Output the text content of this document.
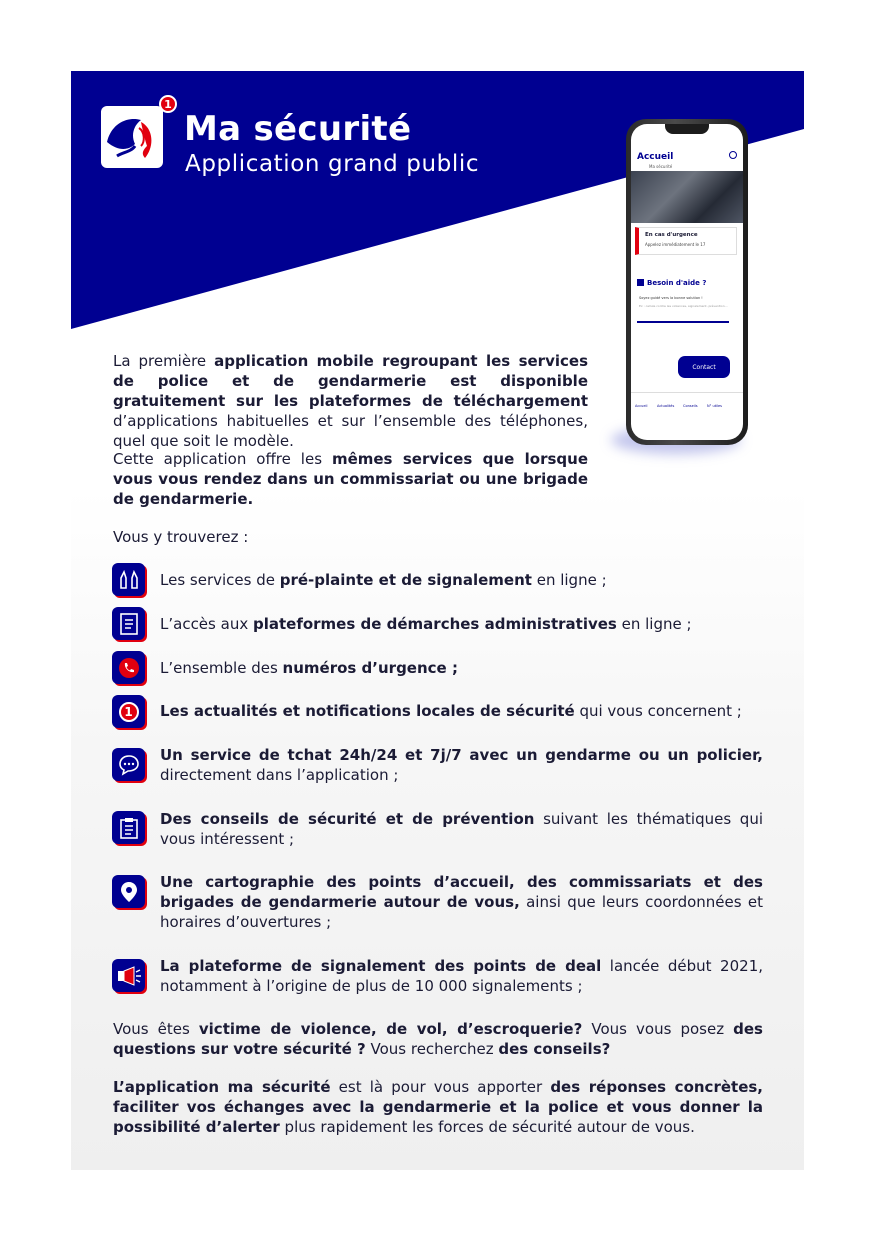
1
Ma sécurité
Application grand public	Accueil
Ma sécurité
En cas d'urgence
Appelez immédiatement le 17
Besoin d'aide ?
Soyez guidé vers la bonne solution !
Ex : cellule contre les violences, signalement, prévention...
Contact
Accueil	Actualités Conseils	N° utiles
La première application mobile regroupant les services de police et de gendarmerie est disponible gratuitement sur les plateformes de téléchargement d’applications habituelles et sur l’ensemble des téléphones, quel que soit le modèle.
Cette application offre les mêmes services que lorsque vous vous rendez dans un commissariat ou une brigade de gendarmerie.
Vous y trouverez :
Les services de pré-plainte et de signalement en ligne ;
L’accès aux plateformes de démarches administratives en ligne ;
L’ensemble des numéros d’urgence ;
1	Les actualités et notifications locales de sécurité qui vous concernent ;
Un service de tchat 24h/24 et 7j/7 avec un gendarme ou un policier, directement dans l’application ;
Des conseils de sécurité et de prévention suivant les thématiques qui vous intéressent ;
Une cartographie des points d’accueil, des commissariats et des brigades de gendarmerie autour de vous, ainsi que leurs coordonnées et horaires d’ouvertures ;
La plateforme de signalement des points de deal lancée début 2021, notamment à l’origine de plus de 10 000 signalements ;
Vous êtes victime de violence, de vol, d’escroquerie? Vous vous posez des questions sur votre sécurité ? Vous recherchez des conseils?
L’application ma sécurité est là pour vous apporter des réponses concrètes, faciliter vos échanges avec la gendarmerie et la police et vous donner la possibilité d’alerter plus rapidement les forces de sécurité autour de vous.
